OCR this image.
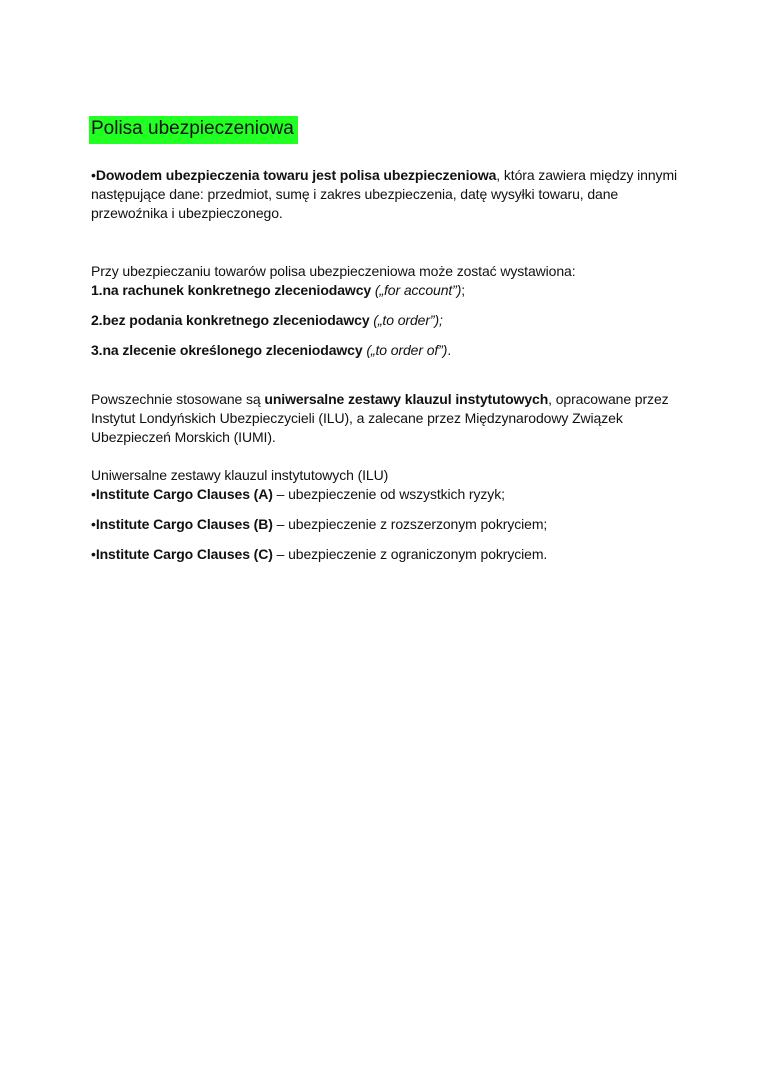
Polisa ubezpieczeniowa

•Dowodem ubezpieczenia towaru jest polisa ubezpieczeniowa, która zawiera między innymi następujące dane: przedmiot, sumę i zakres ubezpieczenia, datę wysyłki towaru, dane przewoźnika i ubezpieczonego.

Przy ubezpieczaniu towarów polisa ubezpieczeniowa może zostać wystawiona:

1.na rachunek konkretnego zleceniodawcy („for account”);

2.bez podania konkretnego zleceniodawcy („to order”);

3.na zlecenie określonego zleceniodawcy („to order of”).

Powszechnie stosowane są uniwersalne zestawy klauzul instytutowych, opracowane przez Instytut Londyńskich Ubezpieczycieli (ILU), a zalecane przez Międzynarodowy Związek Ubezpieczeń Morskich (IUMI).

Uniwersalne zestawy klauzul instytutowych (ILU)

•Institute Cargo Clauses (A) – ubezpieczenie od wszystkich ryzyk;

•Institute Cargo Clauses (B) – ubezpieczenie z rozszerzonym pokryciem;

•Institute Cargo Clauses (C) – ubezpieczenie z ograniczonym pokryciem.
